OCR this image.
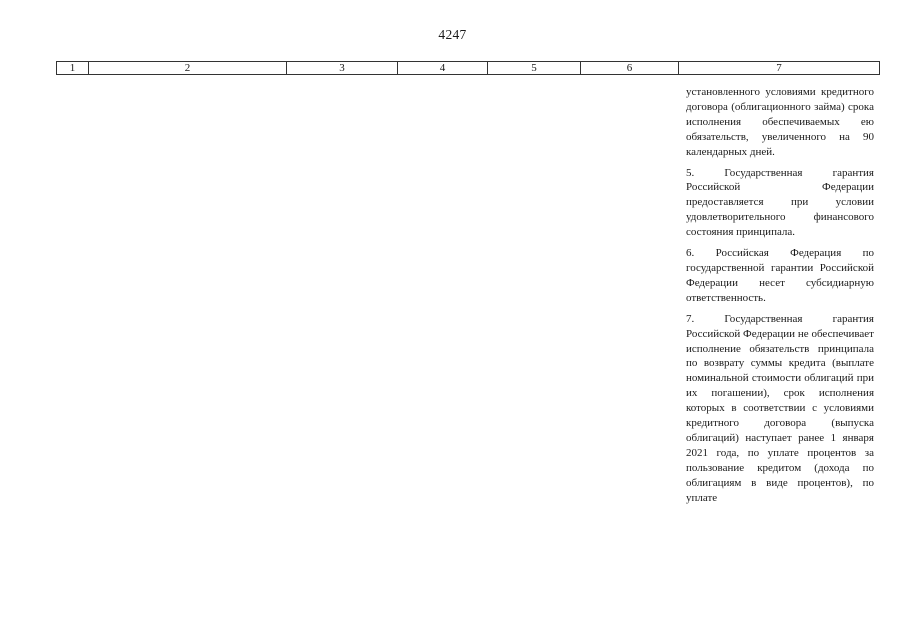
4247
1	2	3	4	5	6	7

установленного условиями кредитного договора (облигационного займа) срока исполнения обеспечиваемых ею обязательств, увеличенного на 90 календарных дней.

5. Государственная гарантия Российской Федерации предоставляется при условии удовлетворительного финансового состояния принципала.

6. Российская Федерация по государственной гарантии Российской Федерации несет субсидиарную ответственность.

7. Государственная гарантия Российской Федерации не обеспечивает исполнение обязательств принципала по возврату суммы кредита (выплате номинальной стоимости облигаций при их погашении), срок исполнения которых в соответствии с условиями кредитного договора (выпуска облигаций) наступает ранее 1 января 2021 года, по уплате процентов за пользование кредитом (дохода по облигациям в виде процентов), по уплате
